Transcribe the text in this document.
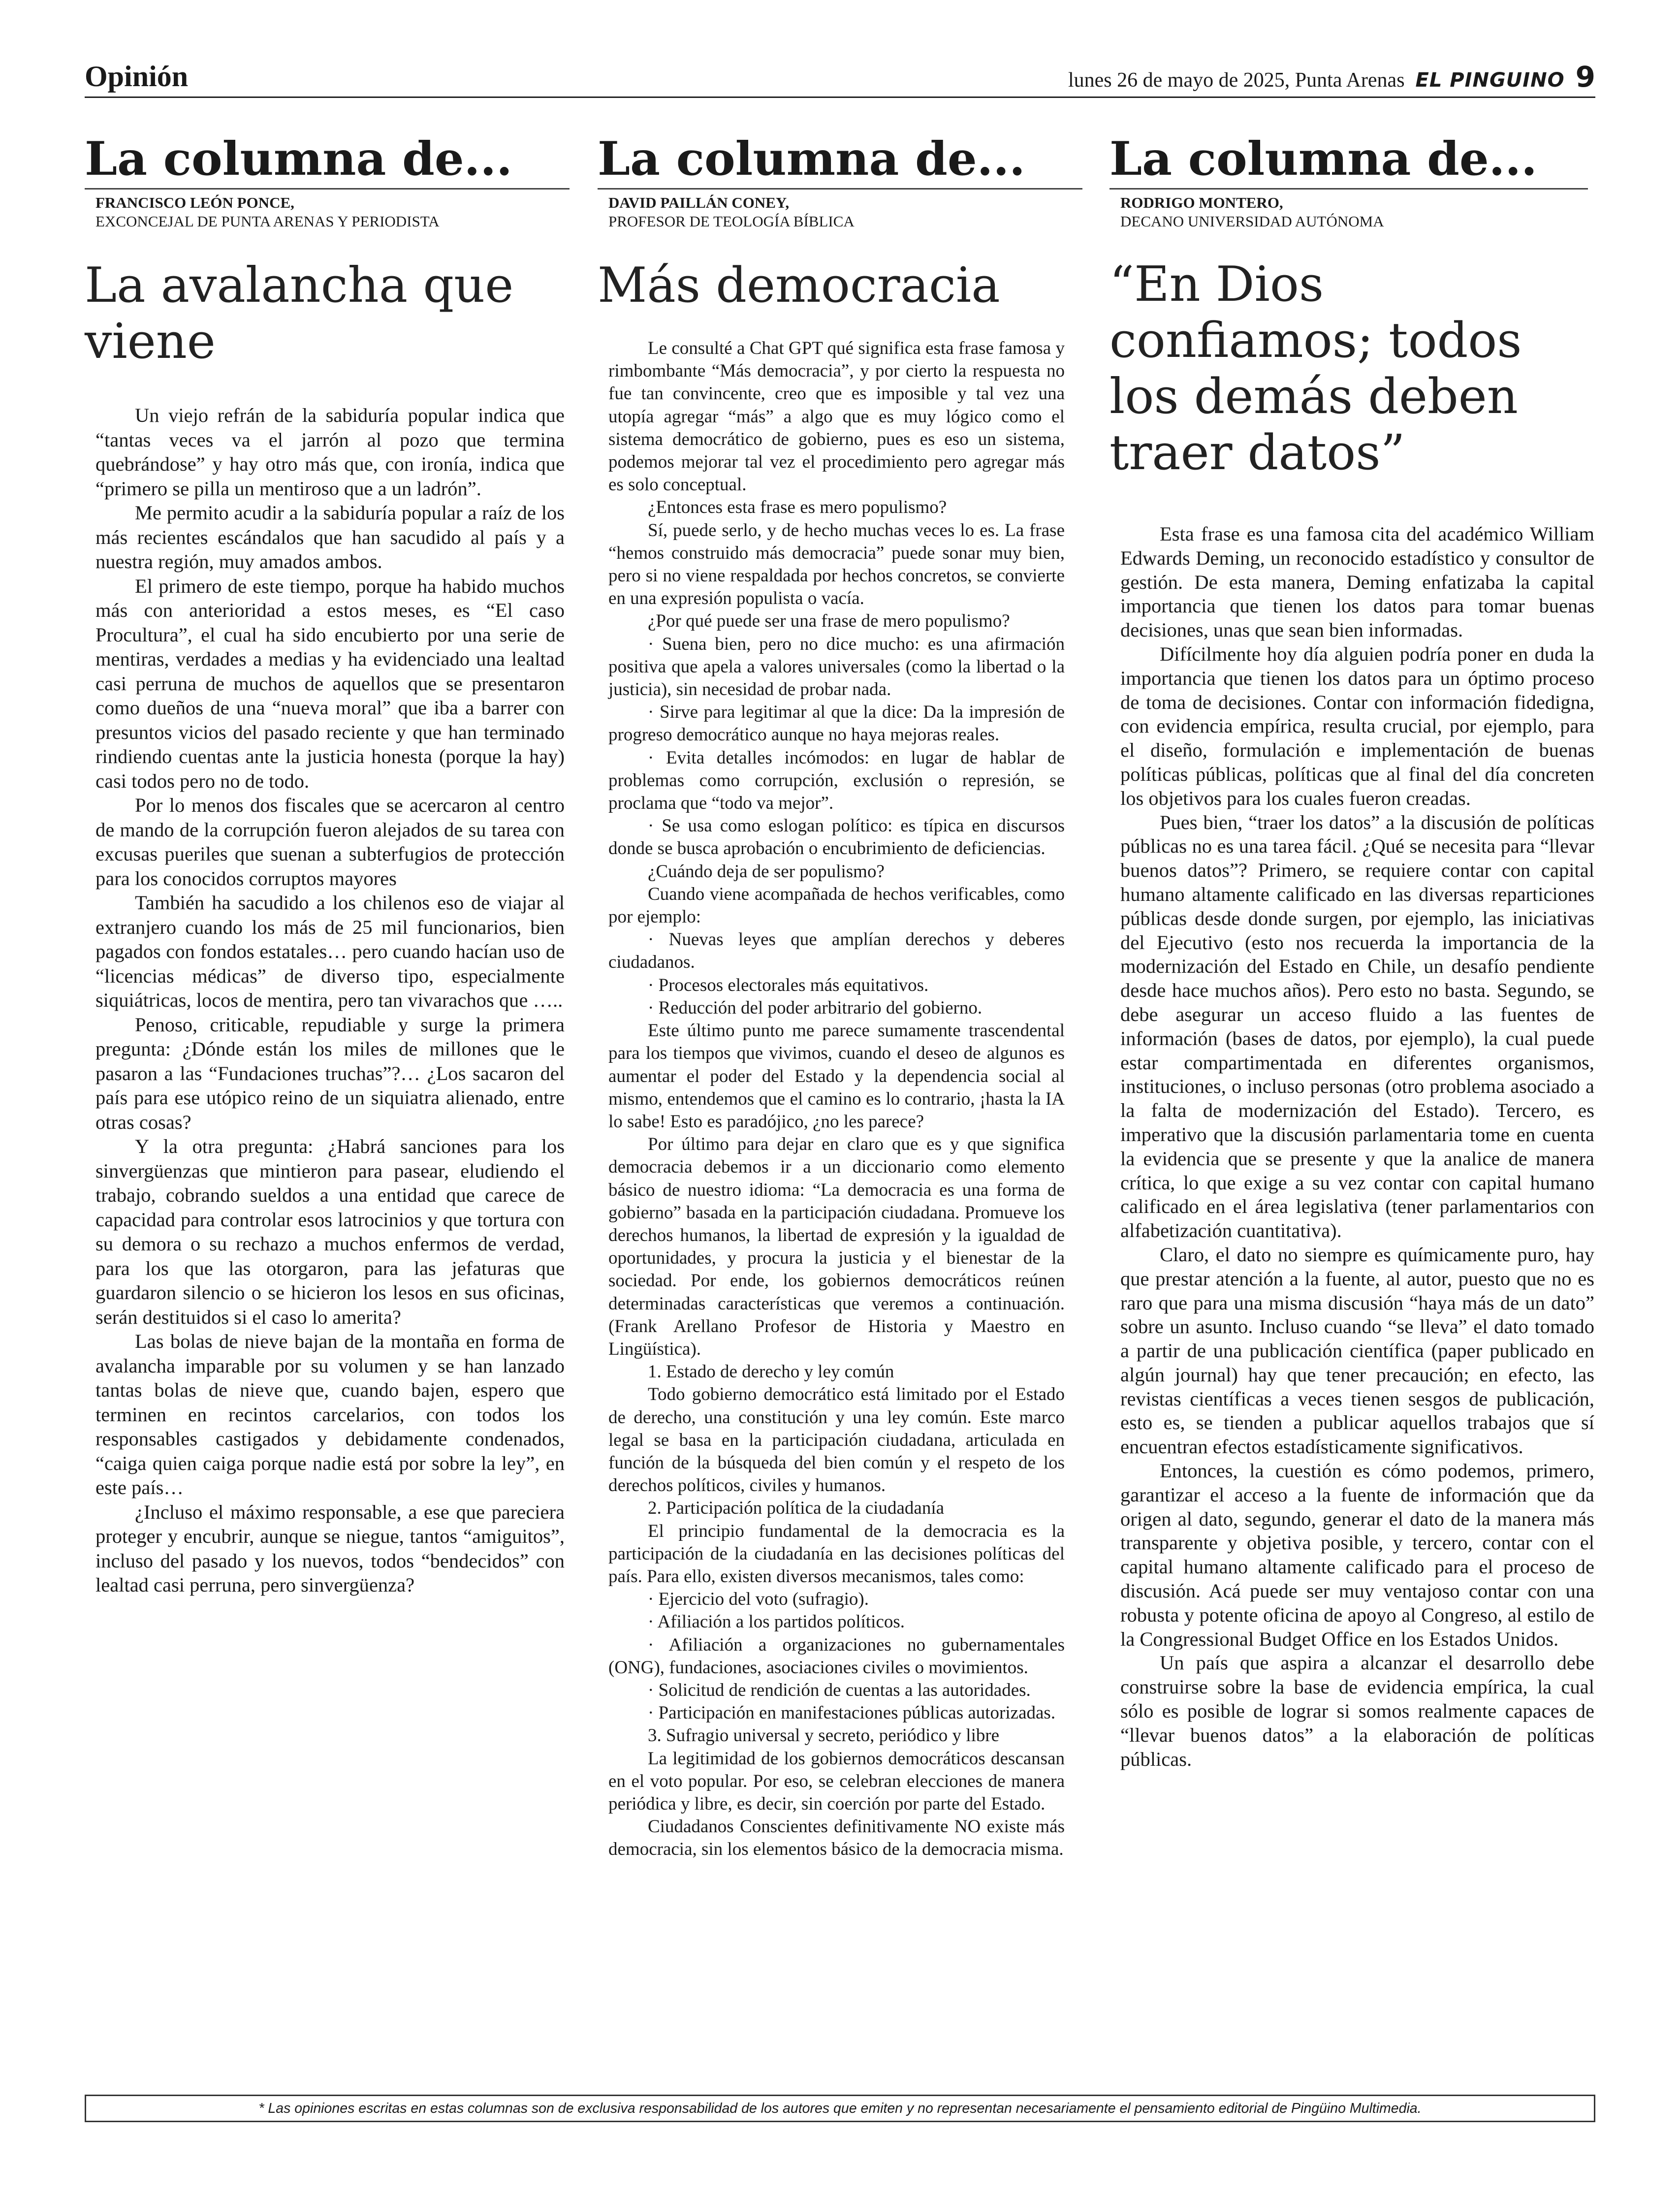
Opinión	lunes 26 de mayo de 2025, Punta Arenas EL PINGUINO 9
La columna de...
FRANCISCO LEÓN PONCE,
EXCONCEJAL DE PUNTA ARENAS Y PERIODISTA
La avalancha que viene

Un viejo refrán de la sabiduría popular indica que “tantas veces va el jarrón al pozo que termina quebrándose” y hay otro más que, con ironía, indica que “primero se pilla un mentiroso que a un ladrón”.

Me permito acudir a la sabiduría popular a raíz de los más recientes escándalos que han sacudido al país y a nuestra región, muy amados ambos.

El primero de este tiempo, porque ha habido muchos más con anterioridad a estos meses, es “El caso Procultura”, el cual ha sido encubierto por una serie de mentiras, verdades a medias y ha evidenciado una lealtad casi perruna de muchos de aquellos que se presentaron como dueños de una “nueva moral” que iba a barrer con presuntos vicios del pasado reciente y que han terminado rindiendo cuentas ante la justicia honesta (porque la hay) casi todos pero no de todo.

Por lo menos dos fiscales que se acercaron al centro de mando de la corrupción fueron alejados de su tarea con excusas pueriles que suenan a subterfugios de protección para los conocidos corruptos mayores

También ha sacudido a los chilenos eso de viajar al extranjero cuando los más de 25 mil funcionarios, bien pagados con fondos estatales… pero cuando hacían uso de “licencias médicas” de diverso tipo, especialmente siquiátricas, locos de mentira, pero tan vivarachos que …..

Penoso, criticable, repudiable y surge la primera pregunta: ¿Dónde están los miles de millones que le pasaron a las “Fundaciones truchas”?… ¿Los sacaron del país para ese utópico reino de un siquiatra alienado, entre otras cosas?

Y la otra pregunta: ¿Habrá sanciones para los sinvergüenzas que mintieron para pasear, eludiendo el trabajo, cobrando sueldos a una entidad que carece de capacidad para controlar esos latrocinios y que tortura con su demora o su rechazo a muchos enfermos de verdad, para los que las otorgaron, para las jefaturas que guardaron silencio o se hicieron los lesos en sus oficinas, serán destituidos si el caso lo amerita?

Las bolas de nieve bajan de la montaña en forma de avalancha imparable por su volumen y se han lanzado tantas bolas de nieve que, cuando bajen, espero que terminen en recintos carcelarios, con todos los responsables castigados y debidamente condenados, “caiga quien caiga porque nadie está por sobre la ley”, en este país…

¿Incluso el máximo responsable, a ese que pareciera proteger y encubrir, aunque se niegue, tantos “amiguitos”, incluso del pasado y los nuevos, todos “bendecidos” con lealtad casi perruna, pero sinvergüenza?

La columna de...
DAVID PAILLÁN CONEY,
PROFESOR DE TEOLOGÍA BÍBLICA
Más democracia

Le consulté a Chat GPT qué significa esta frase famosa y rimbombante “Más democracia”, y por cierto la respuesta no fue tan convincente, creo que es imposible y tal vez una utopía agregar “más” a algo que es muy lógico como el sistema democrático de gobierno, pues es eso un sistema, podemos mejorar tal vez el procedimiento pero agregar más es solo conceptual.

¿Entonces esta frase es mero populismo?

Sí, puede serlo, y de hecho muchas veces lo es. La frase “hemos construido más democracia” puede sonar muy bien, pero si no viene respaldada por hechos concretos, se convierte en una expresión populista o vacía.

¿Por qué puede ser una frase de mero populismo?

· Suena bien, pero no dice mucho: es una afirmación positiva que apela a valores universales (como la libertad o la justicia), sin necesidad de probar nada.

· Sirve para legitimar al que la dice: Da la impresión de progreso democrático aunque no haya mejoras reales.

· Evita detalles incómodos: en lugar de hablar de problemas como corrupción, exclusión o represión, se proclama que “todo va mejor”.

· Se usa como eslogan político: es típica en discursos donde se busca aprobación o encubrimiento de deficiencias.

¿Cuándo deja de ser populismo?

Cuando viene acompañada de hechos verificables, como por ejemplo:

· Nuevas leyes que amplían derechos y deberes ciudadanos.

· Procesos electorales más equitativos.

· Reducción del poder arbitrario del gobierno.

Este último punto me parece sumamente trascendental para los tiempos que vivimos, cuando el deseo de algunos es aumentar el poder del Estado y la dependencia social al mismo, entendemos que el camino es lo contrario, ¡hasta la IA lo sabe! Esto es paradójico, ¿no les parece?

Por último para dejar en claro que es y que significa democracia debemos ir a un diccionario como elemento básico de nuestro idioma: “La democracia es una forma de gobierno” basada en la participación ciudadana. Promueve los derechos humanos, la libertad de expresión y la igualdad de oportunidades, y procura la justicia y el bienestar de la sociedad. Por ende, los gobiernos democráticos reúnen determinadas características que veremos a continuación. (Frank Arellano Profesor de Historia y Maestro en Lingüística).

1. Estado de derecho y ley común

Todo gobierno democrático está limitado por el Estado de derecho, una constitución y una ley común. Este marco legal se basa en la participación ciudadana, articulada en función de la búsqueda del bien común y el respeto de los derechos políticos, civiles y humanos.

2. Participación política de la ciudadanía

El principio fundamental de la democracia es la participación de la ciudadanía en las decisiones políticas del país. Para ello, existen diversos mecanismos, tales como:

· Ejercicio del voto (sufragio).

· Afiliación a los partidos políticos.

· Afiliación a organizaciones no gubernamentales (ONG), fundaciones, asociaciones civiles o movimientos.

· Solicitud de rendición de cuentas a las autoridades.

· Participación en manifestaciones públicas autorizadas.

3. Sufragio universal y secreto, periódico y libre

La legitimidad de los gobiernos democráticos descansan en el voto popular. Por eso, se celebran elecciones de manera periódica y libre, es decir, sin coerción por parte del Estado.

Ciudadanos Conscientes definitivamente NO existe más democracia, sin los elementos básico de la democracia misma.

La columna de...
RODRIGO MONTERO,
DECANO UNIVERSIDAD AUTÓNOMA
“En Dios confiamos; todos los demás deben traer datos”

Esta frase es una famosa cita del académico William Edwards Deming, un reconocido estadístico y consultor de gestión. De esta manera, Deming enfatizaba la capital importancia que tienen los datos para tomar buenas decisiones, unas que sean bien informadas.

Difícilmente hoy día alguien podría poner en duda la importancia que tienen los datos para un óptimo proceso de toma de decisiones. Contar con información fidedigna, con evidencia empírica, resulta crucial, por ejemplo, para el diseño, formulación e implementación de buenas políticas públicas, políticas que al final del día concreten los objetivos para los cuales fueron creadas.

Pues bien, “traer los datos” a la discusión de políticas públicas no es una tarea fácil. ¿Qué se necesita para “llevar buenos datos”? Primero, se requiere contar con capital humano altamente calificado en las diversas reparticiones públicas desde donde surgen, por ejemplo, las iniciativas del Ejecutivo (esto nos recuerda la importancia de la modernización del Estado en Chile, un desafío pendiente desde hace muchos años). Pero esto no basta. Segundo, se debe asegurar un acceso fluido a las fuentes de información (bases de datos, por ejemplo), la cual puede estar compartimentada en diferentes organismos, instituciones, o incluso personas (otro problema asociado a la falta de modernización del Estado). Tercero, es imperativo que la discusión parlamentaria tome en cuenta la evidencia que se presente y que la analice de manera crítica, lo que exige a su vez contar con capital humano calificado en el área legislativa (tener parlamentarios con alfabetización cuantitativa).

Claro, el dato no siempre es químicamente puro, hay que prestar atención a la fuente, al autor, puesto que no es raro que para una misma discusión “haya más de un dato” sobre un asunto. Incluso cuando “se lleva” el dato tomado a partir de una publicación científica (paper publicado en algún journal) hay que tener precaución; en efecto, las revistas científicas a veces tienen sesgos de publicación, esto es, se tienden a publicar aquellos trabajos que sí encuentran efectos estadísticamente significativos.

Entonces, la cuestión es cómo podemos, primero, garantizar el acceso a la fuente de información que da origen al dato, segundo, generar el dato de la manera más transparente y objetiva posible, y tercero, contar con el capital humano altamente calificado para el proceso de discusión. Acá puede ser muy ventajoso contar con una robusta y potente oficina de apoyo al Congreso, al estilo de la Congressional Budget Office en los Estados Unidos.

Un país que aspira a alcanzar el desarrollo debe construirse sobre la base de evidencia empírica, la cual sólo es posible de lograr si somos realmente capaces de “llevar buenos datos” a la elaboración de políticas públicas.

* Las opiniones escritas en estas columnas son de exclusiva responsabilidad de los autores que emiten y no representan necesariamente el pensamiento editorial de Pingüino Multimedia.
